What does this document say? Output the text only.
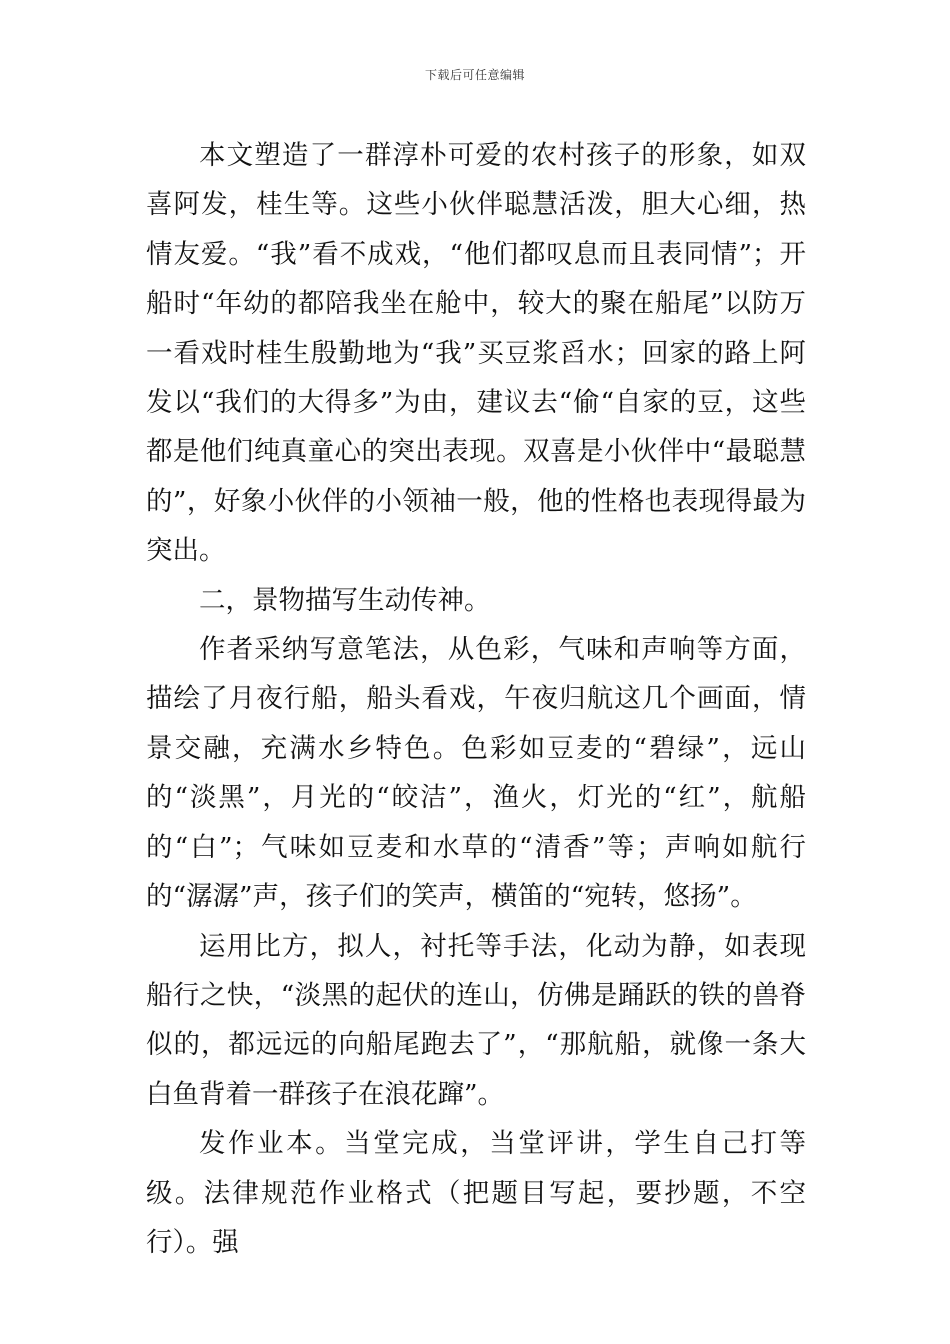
下载后可任意编辑

本文塑造了一群淳朴可爱的农村孩子的形象，如双喜阿发，桂生等。这些小伙伴聪慧活泼，胆大心细，热情友爱。“我”看不成戏，“他们都叹息而且表同情”；开船时“年幼的都陪我坐在舱中，较大的聚在船尾”以防万一看戏时桂生殷勤地为“我”买豆浆舀水；回家的路上阿发以“我们的大得多”为由，建议去“偷“自家的豆，这些都是他们纯真童心的突出表现。双喜是小伙伴中“最聪慧的”，好象小伙伴的小领袖一般，他的性格也表现得最为突出。

二，景物描写生动传神。

作者采纳写意笔法，从色彩，气味和声响等方面，描绘了月夜行船，船头看戏，午夜归航这几个画面，情景交融，充满水乡特色。色彩如豆麦的“碧绿”，远山的“淡黑”，月光的“皎洁”，渔火，灯光的“红”，航船的“白”；气味如豆麦和水草的“清香”等；声响如航行的“潺潺”声，孩子们的笑声，横笛的“宛转，悠扬”。

运用比方，拟人，衬托等手法，化动为静，如表现船行之快，“淡黑的起伏的连山，仿佛是踊跃的铁的兽脊似的，都远远的向船尾跑去了”，“那航船，就像一条大白鱼背着一群孩子在浪花蹿”。

发作业本。当堂完成，当堂评讲，学生自己打等级。法律规范作业格式（把题目写起，要抄题，不空行）。强
